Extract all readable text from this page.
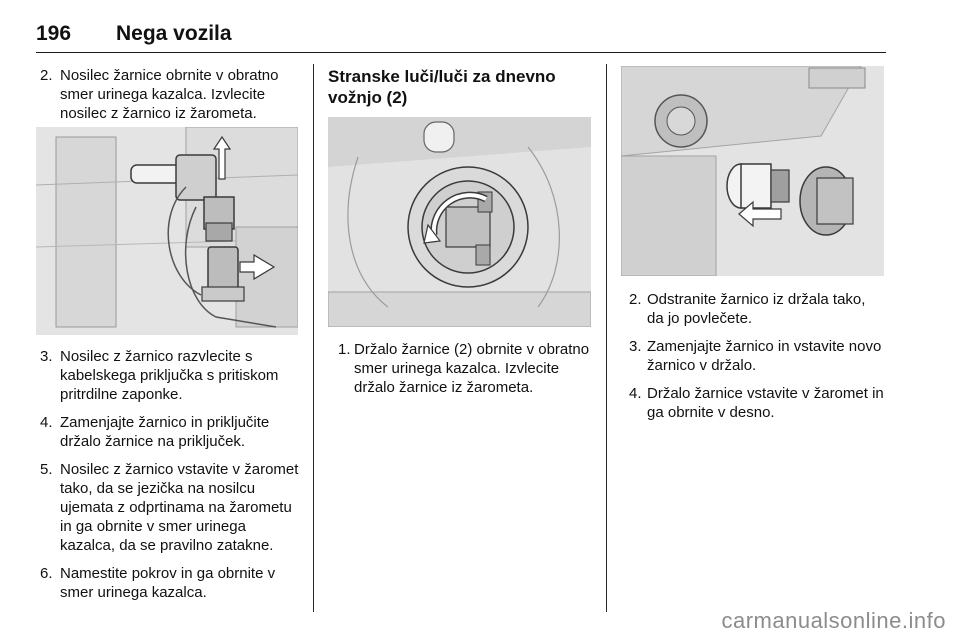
196 Nega vozila
2. Nosilec žarnice obrnite v obratno smer urinega kazalca. Izvlecite nosilec z žarnico iz žarometa.
3. Nosilec z žarnico razvlecite s kabelskega priključka s pritiskom pritrdilne zaponke.
4. Zamenjajte žarnico in priključite držalo žarnice na priključek.
5. Nosilec z žarnico vstavite v žaromet tako, da se jezička na nosilcu ujemata z odprtinama na žarometu in ga obrnite v smer urinega kazalca, da se pravilno zatakne.
6. Namestite pokrov in ga obrnite v smer urinega kazalca.
Stranske luči/luči za dnevno vožnjo (2)
1. Držalo žarnice (2) obrnite v obratno smer urinega kazalca. Izvlecite držalo žarnice iz žarometa.
2. Odstranite žarnico iz držala tako, da jo povlečete.
3. Zamenjajte žarnico in vstavite novo žarnico v držalo.
4. Držalo žarnice vstavite v žaromet in ga obrnite v desno.
carmanualsonline.info
